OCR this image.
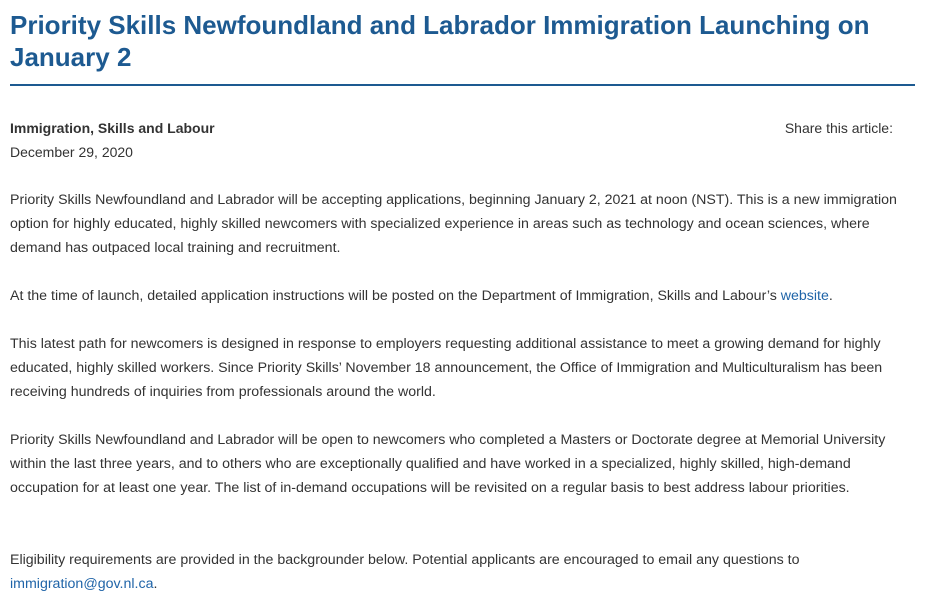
Priority Skills Newfoundland and Labrador Immigration Launching on January 2

Immigration, Skills and Labour

December 29, 2020

Share this article:

Priority Skills Newfoundland and Labrador will be accepting applications, beginning January 2, 2021 at noon (NST). This is a new immigration option for highly educated, highly skilled newcomers with specialized experience in areas such as technology and ocean sciences, where demand has outpaced local training and recruitment.

At the time of launch, detailed application instructions will be posted on the Department of Immigration, Skills and Labour’s website.

This latest path for newcomers is designed in response to employers requesting additional assistance to meet a growing demand for highly educated, highly skilled workers. Since Priority Skills’ November 18 announcement, the Office of Immigration and Multiculturalism has been receiving hundreds of inquiries from professionals around the world.

Priority Skills Newfoundland and Labrador will be open to newcomers who completed a Masters or Doctorate degree at Memorial University within the last three years, and to others who are exceptionally qualified and have worked in a specialized, highly skilled, high-demand occupation for at least one year. The list of in-demand occupations will be revisited on a regular basis to best address labour priorities.

Eligibility requirements are provided in the backgrounder below. Potential applicants are encouraged to email any questions to immigration@gov.nl.ca.
